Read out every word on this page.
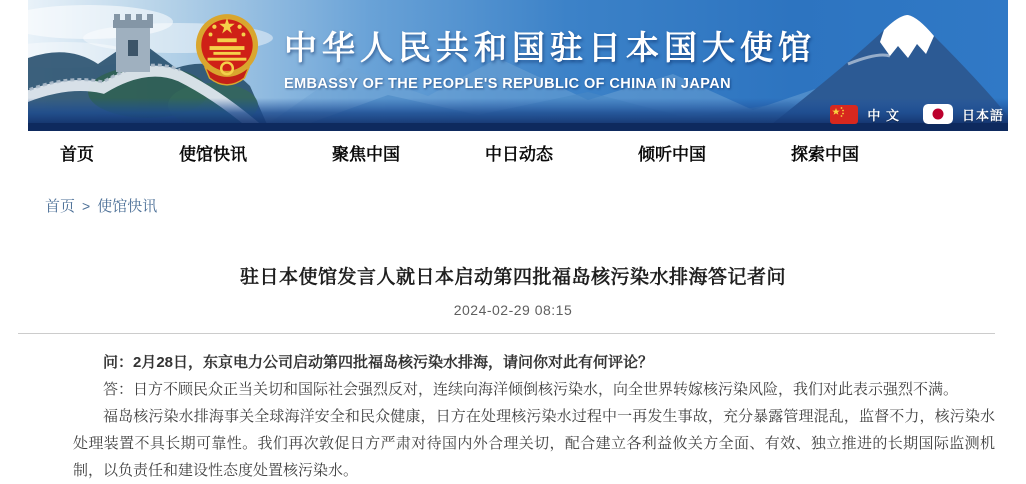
中华人民共和国驻日本国大使馆
EMBASSY OF THE PEOPLE'S REPUBLIC OF CHINA IN JAPAN
中 文	日本語
首页	使馆快讯	聚焦中国	中日动态	倾听中国	探索中国
首页 > 使馆快讯
驻日本使馆发言人就日本启动第四批福岛核污染水排海答记者问
2024-02-29 08:15

问：2月28日，东京电力公司启动第四批福岛核污染水排海，请问你对此有何评论？

答：日方不顾民众正当关切和国际社会强烈反对，连续向海洋倾倒核污染水，向全世界转嫁核污染风险，我们对此表示强烈不满。

福岛核污染水排海事关全球海洋安全和民众健康，日方在处理核污染水过程中一再发生事故，充分暴露管理混乱，监督不力，核污染水处理装置不具长期可靠性。我们再次敦促日方严肃对待国内外合理关切，配合建立各利益攸关方全面、有效、独立推进的长期国际监测机制，以负责任和建设性态度处置核污染水。
